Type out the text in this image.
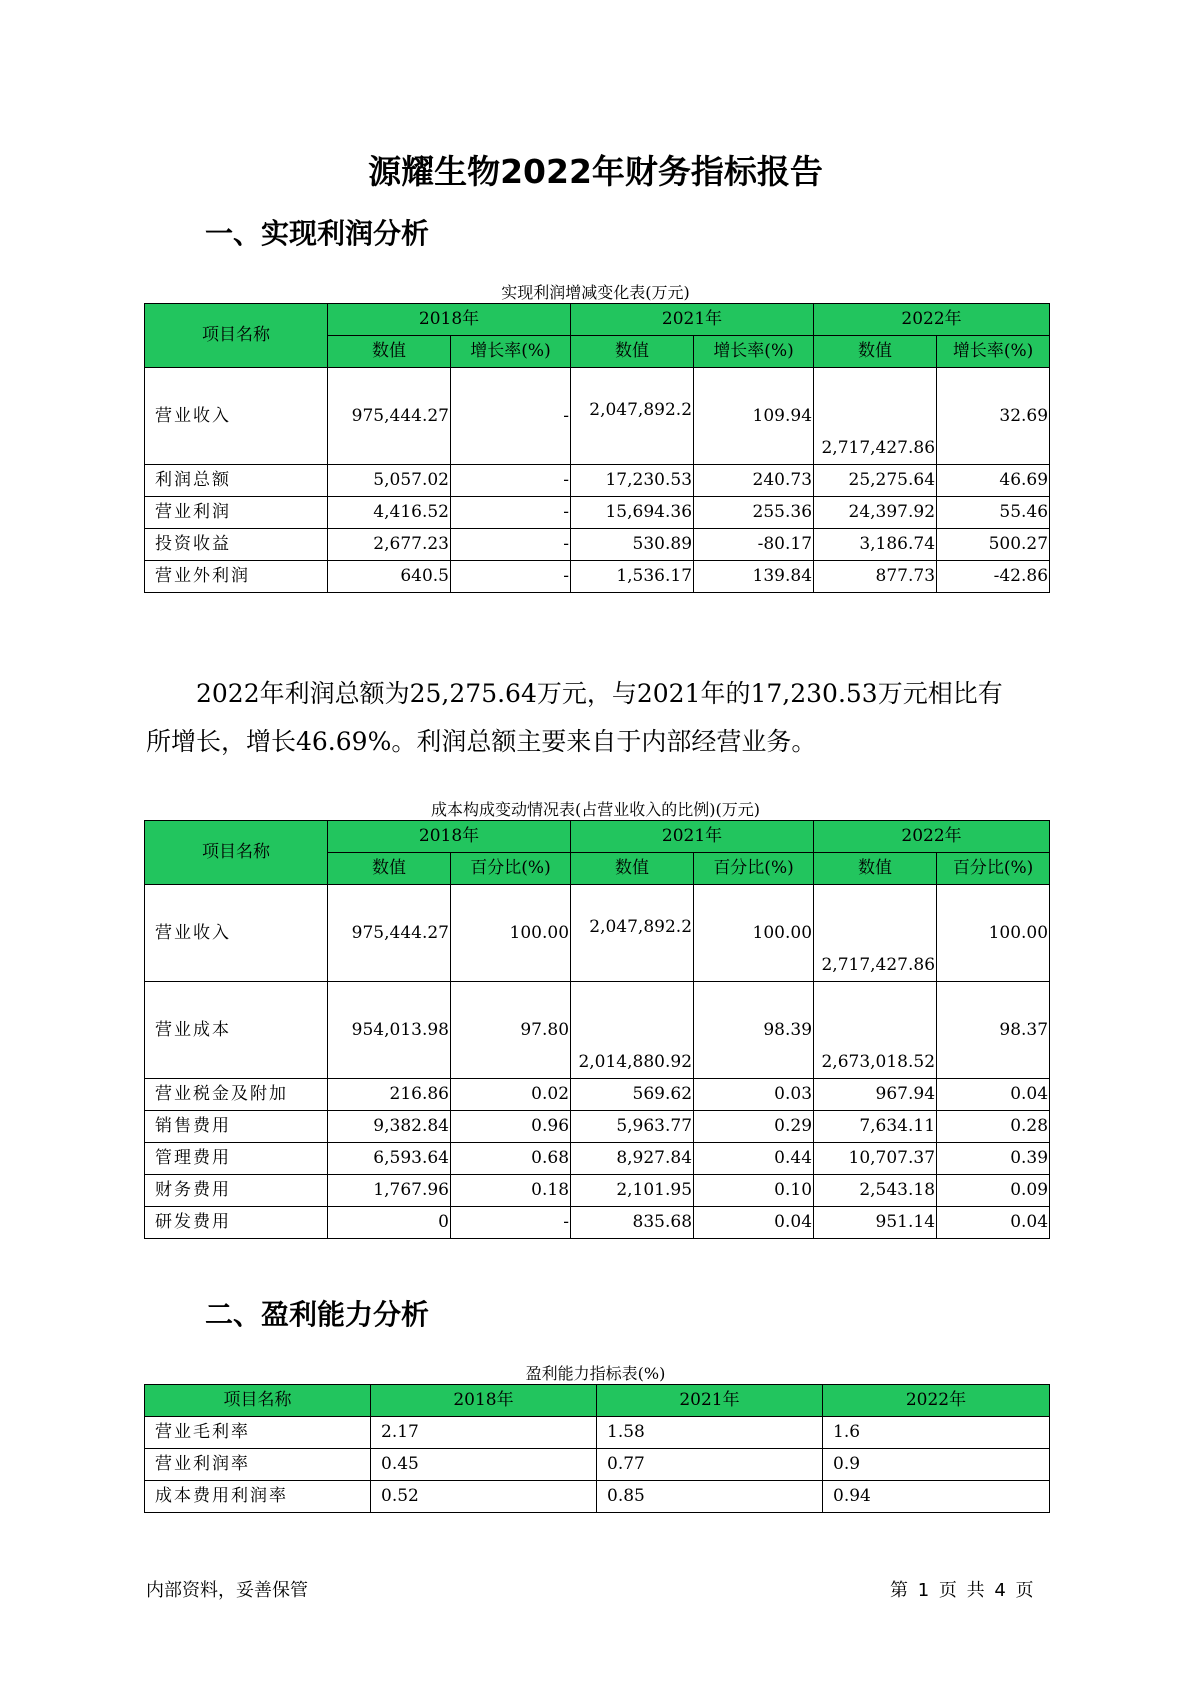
源耀生物2022年财务指标报告
一、实现利润分析
实现利润增减变化表(万元)
项目名称	2018年		2021年		2022年	
	数值	增长率(%)	数值	增长率(%)	数值	增长率(%)
营业收入	975,444.27	-	2,047,892.2	109.94	2,717,427.86	32.69
利润总额	5,057.02	-	17,230.53	240.73	25,275.64	46.69
营业利润	4,416.52	-	15,694.36	255.36	24,397.92	55.46
投资收益	2,677.23	-	530.89	-80.17	3,186.74	500.27
营业外利润	640.5	-	1,536.17	139.84	877.73	-42.86
2022年利润总额为25,275.64万元，与2021年的17,230.53万元相比有
所增长，增长46.69%。利润总额主要来自于内部经营业务。
成本构成变动情况表(占营业收入的比例)(万元)
项目名称	2018年		2021年		2022年	
	数值	百分比(%)	数值	百分比(%)	数值	百分比(%)
营业收入	975,444.27	100.00	2,047,892.2	100.00	2,717,427.86	100.00
营业成本	954,013.98	97.80	2,014,880.92	98.39	2,673,018.52	98.37
营业税金及附加	216.86	0.02	569.62	0.03	967.94	0.04
销售费用	9,382.84	0.96	5,963.77	0.29	7,634.11	0.28
管理费用	6,593.64	0.68	8,927.84	0.44	10,707.37	0.39
财务费用	1,767.96	0.18	2,101.95	0.10	2,543.18	0.09
研发费用	0	-	835.68	0.04	951.14	0.04
二、盈利能力分析
盈利能力指标表(%)
项目名称	2018年	2021年	2022年
营业毛利率	2.17	1.58	1.6
营业利润率	0.45	0.77	0.9
成本费用利润率	0.52	0.85	0.94
内部资料，妥善保管	第 1 页 共 4 页
